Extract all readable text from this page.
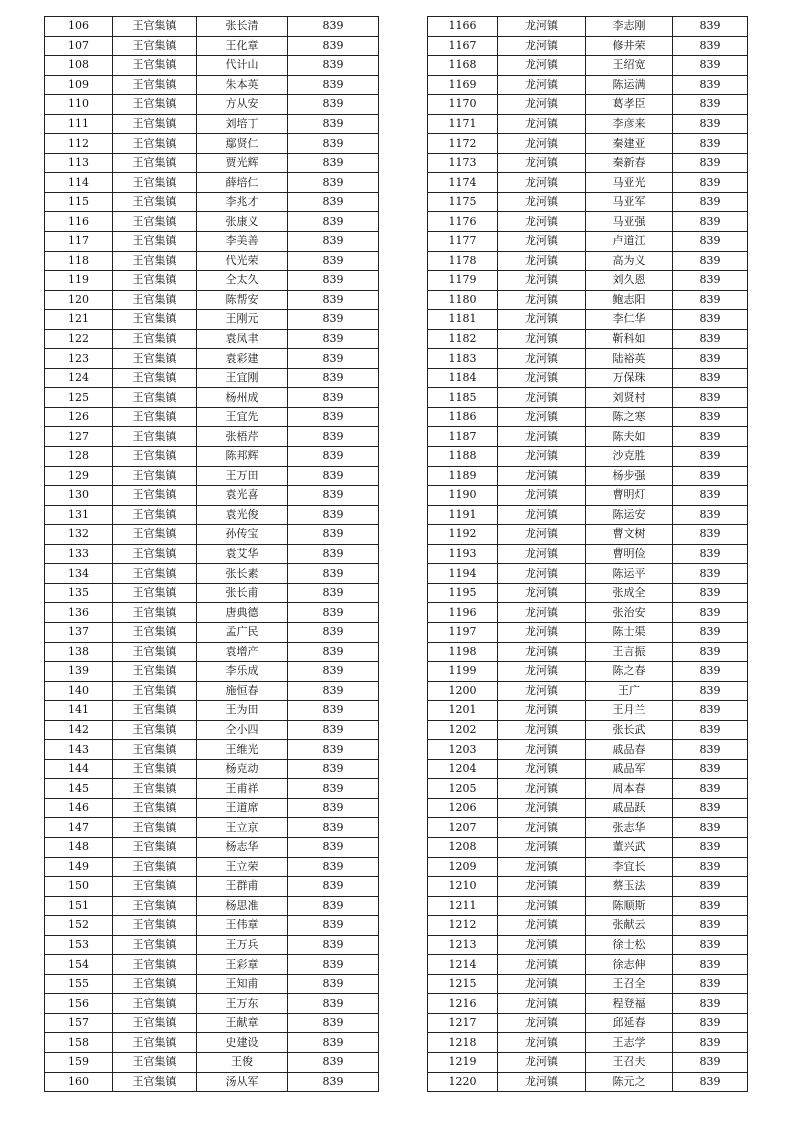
106	王官集镇	张长清	839
107	王官集镇	王化章	839
108	王官集镇	代计山	839
109	王官集镇	朱本英	839
110	王官集镇	方从安	839
111	王官集镇	刘培丁	839
112	王官集镇	鄢贤仁	839
113	王官集镇	贾光辉	839
114	王官集镇	薛培仁	839
115	王官集镇	李兆才	839
116	王官集镇	张康义	839
117	王官集镇	李美善	839
118	王官集镇	代光荣	839
119	王官集镇	仝太久	839
120	王官集镇	陈帮安	839
121	王官集镇	王刚元	839
122	王官集镇	袁凤聿	839
123	王官集镇	袁彩建	839
124	王官集镇	王宜刚	839
125	王官集镇	杨州成	839
126	王官集镇	王宜先	839
127	王官集镇	张梧芹	839
128	王官集镇	陈邦辉	839
129	王官集镇	王万田	839
130	王官集镇	袁光喜	839
131	王官集镇	袁光俊	839
132	王官集镇	孙传宝	839
133	王官集镇	袁艾华	839
134	王官集镇	张长素	839
135	王官集镇	张长甫	839
136	王官集镇	唐典德	839
137	王官集镇	孟广民	839
138	王官集镇	袁增产	839
139	王官集镇	李乐成	839
140	王官集镇	施恒春	839
141	王官集镇	王为田	839
142	王官集镇	仝小四	839
143	王官集镇	王维光	839
144	王官集镇	杨克动	839
145	王官集镇	王甫祥	839
146	王官集镇	王道席	839
147	王官集镇	王立京	839
148	王官集镇	杨志华	839
149	王官集镇	王立荣	839
150	王官集镇	王群甫	839
151	王官集镇	杨思准	839
152	王官集镇	王伟章	839
153	王官集镇	王万兵	839
154	王官集镇	王彩章	839
155	王官集镇	王知甫	839
156	王官集镇	王万东	839
157	王官集镇	王献章	839
158	王官集镇	史建设	839
159	王官集镇	王俊	839
160	王官集镇	汤从军	839
1166	龙河镇	李志刚	839
1167	龙河镇	修井荣	839
1168	龙河镇	王绍宽	839
1169	龙河镇	陈运满	839
1170	龙河镇	葛孝臣	839
1171	龙河镇	李彦来	839
1172	龙河镇	秦建亚	839
1173	龙河镇	秦新春	839
1174	龙河镇	马亚光	839
1175	龙河镇	马亚军	839
1176	龙河镇	马亚强	839
1177	龙河镇	卢道江	839
1178	龙河镇	高为义	839
1179	龙河镇	刘久恩	839
1180	龙河镇	鲍志阳	839
1181	龙河镇	李仁华	839
1182	龙河镇	靳科如	839
1183	龙河镇	陆裕英	839
1184	龙河镇	万保珠	839
1185	龙河镇	刘贤村	839
1186	龙河镇	陈之寒	839
1187	龙河镇	陈夫如	839
1188	龙河镇	沙克胜	839
1189	龙河镇	杨步强	839
1190	龙河镇	曹明灯	839
1191	龙河镇	陈运安	839
1192	龙河镇	曹文树	839
1193	龙河镇	曹明俭	839
1194	龙河镇	陈运平	839
1195	龙河镇	张成全	839
1196	龙河镇	张治安	839
1197	龙河镇	陈士渠	839
1198	龙河镇	王言振	839
1199	龙河镇	陈之春	839
1200	龙河镇	王广	839
1201	龙河镇	王月兰	839
1202	龙河镇	张长武	839
1203	龙河镇	戚品春	839
1204	龙河镇	戚品军	839
1205	龙河镇	周本春	839
1206	龙河镇	戚品跃	839
1207	龙河镇	张志华	839
1208	龙河镇	董兴武	839
1209	龙河镇	李宜长	839
1210	龙河镇	蔡玉法	839
1211	龙河镇	陈顺斯	839
1212	龙河镇	张献云	839
1213	龙河镇	徐士松	839
1214	龙河镇	徐志伸	839
1215	龙河镇	王召全	839
1216	龙河镇	程登福	839
1217	龙河镇	邱延春	839
1218	龙河镇	王志学	839
1219	龙河镇	王召夫	839
1220	龙河镇	陈元之	839
